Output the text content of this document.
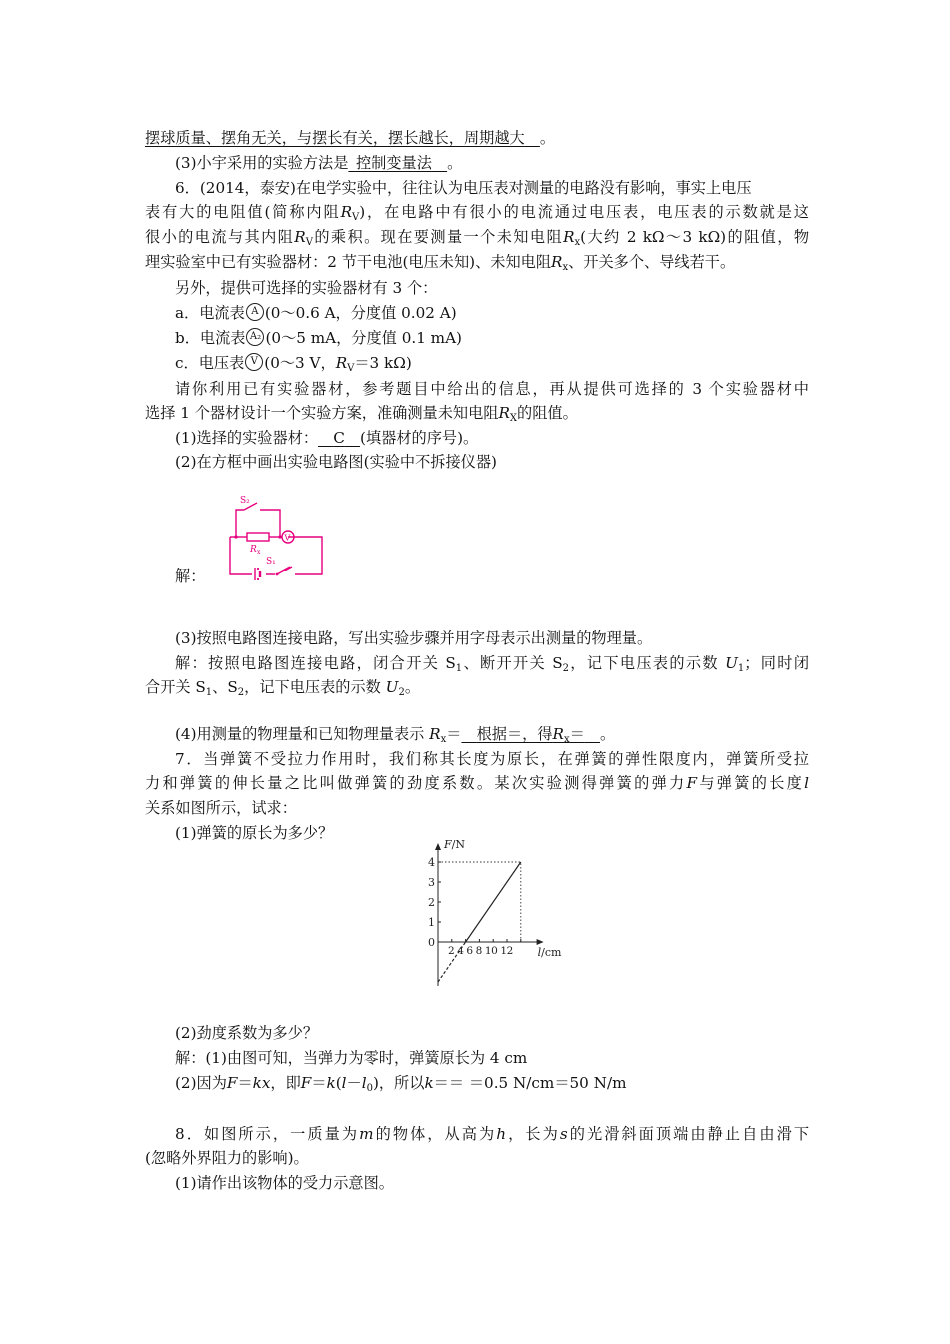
摆球质量、摆角无关，与摆长有关，摆长越长，周期越大  。
(3)小宇采用的实验方法是  控制变量法  。
6．(2014，泰安)在电学实验中，往往认为电压表对测量的电路没有影响，事实上电压
表有大的电阻值(简称内阻$R_V$)，在电路中有很小的电流通过电压表，电压表的示数就是这
很小的电流与其内阻$R_V$的乘积。现在要测量一个未知电阻$R_x$(大约 2 kΩ～3 kΩ)的阻值，物
理实验室中已有实验器材：2 节干电池(电压未知)、未知电阻$R_x$、开关多个、导线若干。
另外，提供可选择的实验器材有 3 个：
a．电流表 A (0～0.6 A，分度值 0.02 A)
b．电流表 A₂ (0～5 mA，分度值 0.1 mA)
c．电压表 V (0～3 V，$R_V=3$ kΩ)
请你利用已有实验器材，参考题目中给出的信息，再从提供可选择的 3 个实验器材中
选择 1 个器材设计一个实验方案，准确测量未知电阻$R_X$的阻值。
(1)选择的实验器材：   C   (填器材的序号)。
(2)在方框中画出实验电路图(实验中不拆接仪器)
解：
S₂
R x
S₁
V
(3)按照电路图连接电路，写出实验步骤并用字母表示出测量的物理量。
解：按照电路图连接电路，闭合开关 $S_1$、断开开关 $S_2$，记下电压表的示数 $U_1$；同时闭
合开关 $S_1$、$S_2$，记下电压表的示数 $U_2$。
(4)用测量的物理量和已知物理量表示 $R_x=$   根据＝，得$R_x=$  。
7．当弹簧不受拉力作用时，我们称其长度为原长，在弹簧的弹性限度内，弹簧所受拉
力和弹簧的伸长量之比叫做弹簧的劲度系数。某次实验测得弹簧的弹力F与弹簧的长度l
关系如图所示，试求：
(1)弹簧的原长为多少？
0
1
2
3
4
2 4 6 8 10 12
F/N
l/cm
(2)劲度系数为多少？
解：(1)由图可知，当弹力为零时，弹簧原长为 4 cm
(2)因为F＝kx，即$F=k(l-l_0)$，所以k＝＝ ＝0.5 N/cm＝50 N/m
8．如图所示，一质量为m的物体，从高为h，长为s的光滑斜面顶端由静止自由滑下
(忽略外界阻力的影响)。
(1)请作出该物体的受力示意图。
